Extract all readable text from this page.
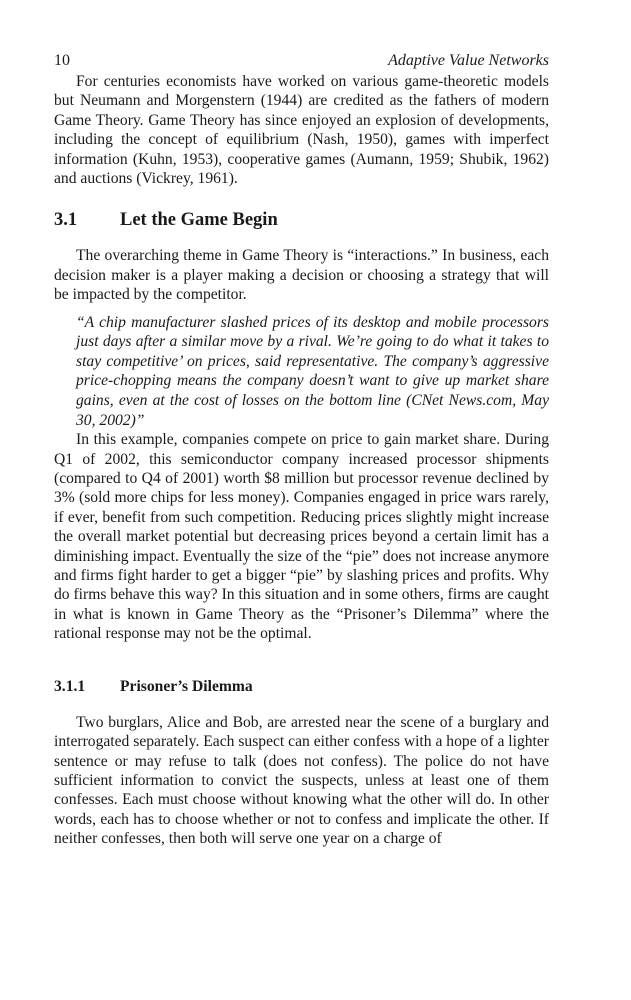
10	Adaptive Value Networks

For centuries economists have worked on various game-theoretic models but Neumann and Morgenstern (1944) are credited as the fathers of modern Game Theory. Game Theory has since enjoyed an explosion of developments, including the concept of equilibrium (Nash, 1950), games with imperfect information (Kuhn, 1953), cooperative games (Aumann, 1959; Shubik, 1962) and auctions (Vickrey, 1961).

3.1	Let the Game Begin

The overarching theme in Game Theory is “interactions.” In business, each decision maker is a player making a decision or choosing a strategy that will be impacted by the competitor.

“A chip manufacturer slashed prices of its desktop and mobile processors just days after a similar move by a rival. We’re going to do what it takes to stay competitive’ on prices, said representative. The company’s aggressive price-chopping means the company doesn’t want to give up market share gains, even at the cost of losses on the bottom line (CNet News.com, May 30, 2002)”

In this example, companies compete on price to gain market share. During Q1 of 2002, this semiconductor company increased processor shipments (compared to Q4 of 2001) worth $8 million but processor revenue declined by 3% (sold more chips for less money). Companies engaged in price wars rarely, if ever, benefit from such competition. Reducing prices slightly might increase the overall market potential but decreasing prices beyond a certain limit has a diminishing impact. Eventually the size of the “pie” does not increase anymore and firms fight harder to get a bigger “pie” by slashing prices and profits. Why do firms behave this way? In this situation and in some others, firms are caught in what is known in Game Theory as the “Prisoner’s Dilemma” where the rational response may not be the optimal.

3.1.1	Prisoner’s Dilemma

Two burglars, Alice and Bob, are arrested near the scene of a burglary and interrogated separately. Each suspect can either confess with a hope of a lighter sentence or may refuse to talk (does not confess). The police do not have sufficient information to convict the suspects, unless at least one of them confesses. Each must choose without knowing what the other will do. In other words, each has to choose whether or not to confess and implicate the other. If neither confesses, then both will serve one year on a charge of
